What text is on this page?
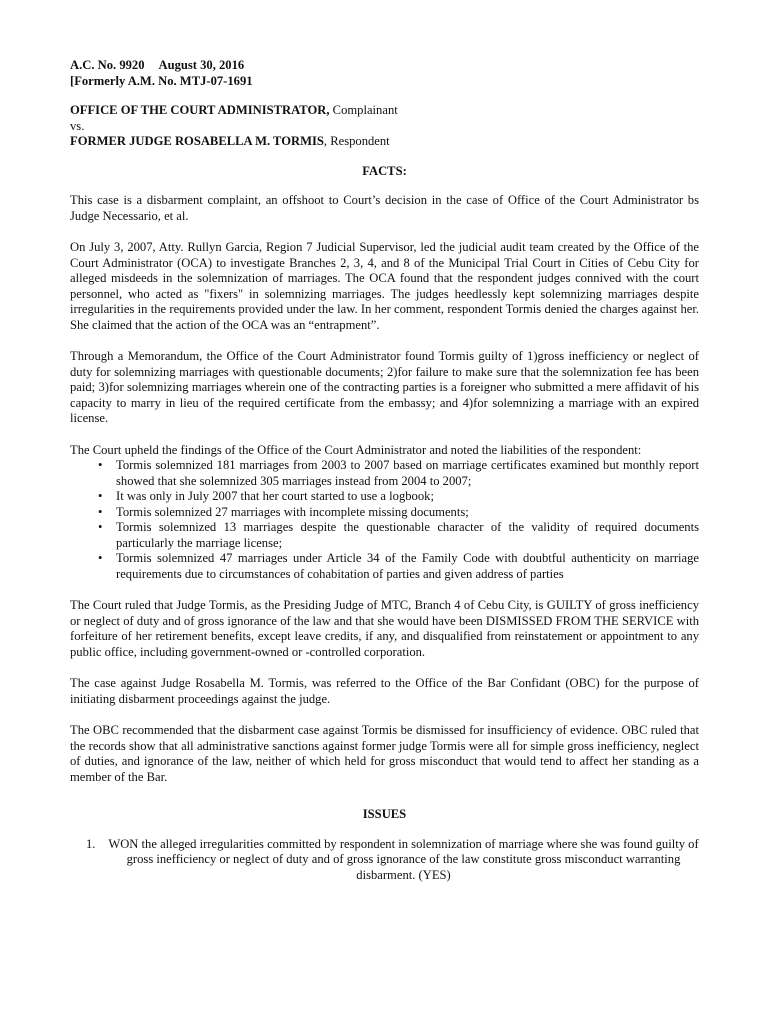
A.C. No. 9920 August 30, 2016
[Formerly A.M. No. MTJ-07-1691

OFFICE OF THE COURT ADMINISTRATOR, Complainant

vs.

FORMER JUDGE ROSABELLA M. TORMIS, Respondent

FACTS:

This case is a disbarment complaint, an offshoot to Court’s decision in the case of Office of the Court Administrator bs Judge Necessario, et al.

On July 3, 2007, Atty. Rullyn Garcia, Region 7 Judicial Supervisor, led the judicial audit team created by the Office of the Court Administrator (OCA) to investigate Branches 2, 3, 4, and 8 of the Municipal Trial Court in Cities of Cebu City for alleged misdeeds in the solemnization of marriages. The OCA found that the respondent judges connived with the court personnel, who acted as "fixers" in solemnizing marriages. The judges heedlessly kept solemnizing marriages despite irregularities in the requirements provided under the law. In her comment, respondent Tormis denied the charges against her. She claimed that the action of the OCA was an “entrapment”.

Through a Memorandum, the Office of the Court Administrator found Tormis guilty of 1)gross inefficiency or neglect of duty for solemnizing marriages with questionable documents; 2)for failure to make sure that the solemnization fee has been paid; 3)for solemnizing marriages wherein one of the contracting parties is a foreigner who submitted a mere affidavit of his capacity to marry in lieu of the required certificate from the embassy; and 4)for solemnizing a marriage with an expired license.

The Court upheld the findings of the Office of the Court Administrator and noted the liabilities of the respondent:

• Tormis solemnized 181 marriages from 2003 to 2007 based on marriage certificates examined but monthly report showed that she solemnized 305 marriages instead from 2004 to 2007;
• It was only in July 2007 that her court started to use a logbook;
• Tormis solemnized 27 marriages with incomplete missing documents;
• Tormis solemnized 13 marriages despite the questionable character of the validity of required documents particularly the marriage license;
• Tormis solemnized 47 marriages under Article 34 of the Family Code with doubtful authenticity on marriage requirements due to circumstances of cohabitation of parties and given address of parties

The Court ruled that Judge Tormis, as the Presiding Judge of MTC, Branch 4 of Cebu City, is GUILTY of gross inefficiency or neglect of duty and of gross ignorance of the law and that she would have been DISMISSED FROM THE SERVICE with forfeiture of her retirement benefits, except leave credits, if any, and disqualified from reinstatement or appointment to any public office, including government-owned or -controlled corporation.

The case against Judge Rosabella M. Tormis, was referred to the Office of the Bar Confidant (OBC) for the purpose of initiating disbarment proceedings against the judge.

The OBC recommended that the disbarment case against Tormis be dismissed for insufficiency of evidence. OBC ruled that the records show that all administrative sanctions against former judge Tormis were all for simple gross inefficiency, neglect of duties, and ignorance of the law, neither of which held for gross misconduct that would tend to affect her standing as a member of the Bar.

ISSUES
1. WON the alleged irregularities committed by respondent in solemnization of marriage where she was found guilty of gross inefficiency or neglect of duty and of gross ignorance of the law constitute gross misconduct warranting disbarment. (YES)
